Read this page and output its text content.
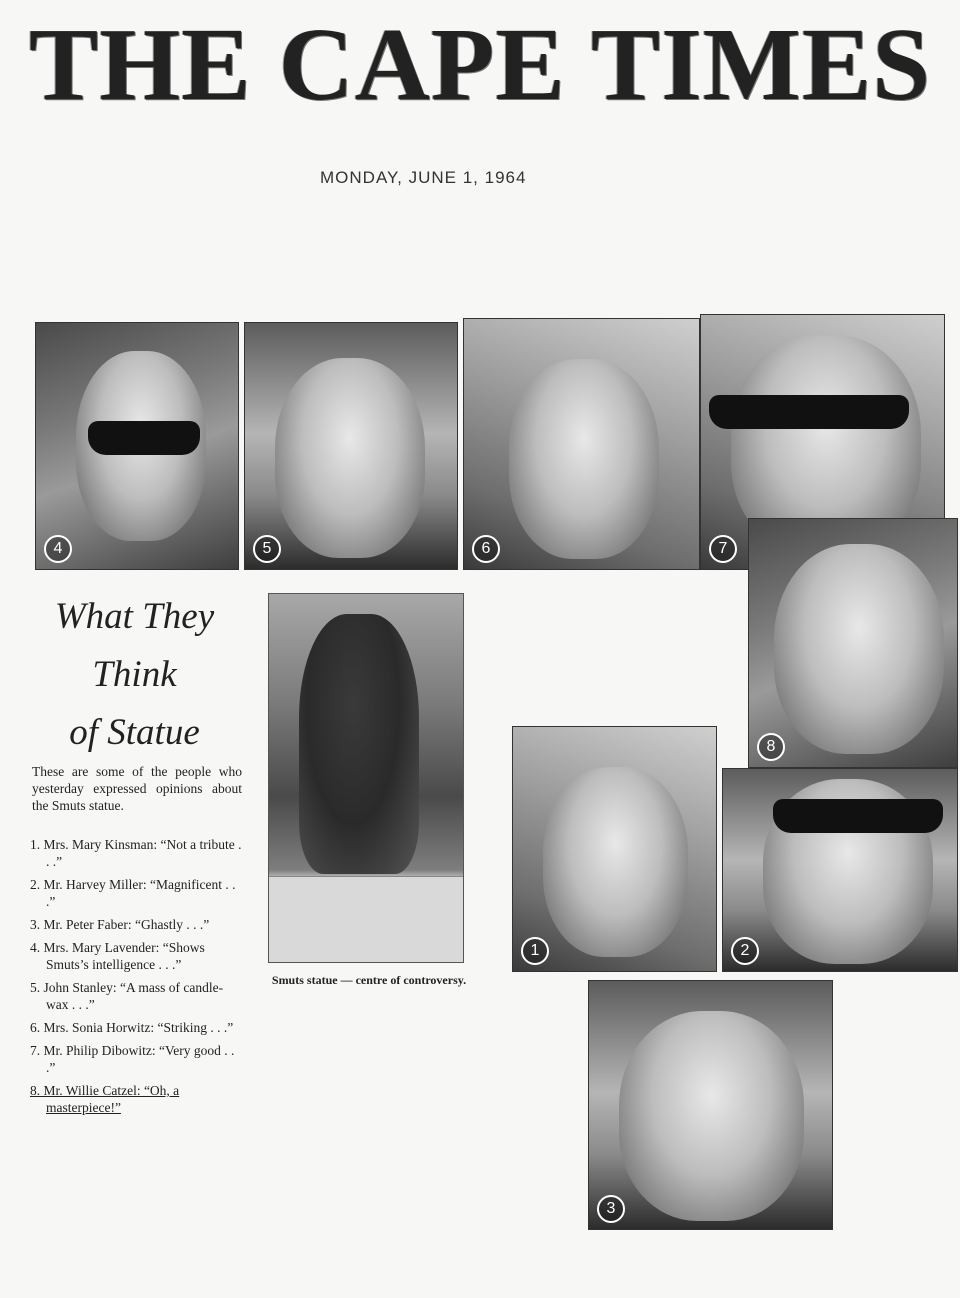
THE CAPE TIMES
MONDAY, JUNE 1, 1964
4	5	6	7
What They
Think
of Statue
These are some of the people who yesterday expressed opinions about the Smuts statue.
1. Mrs. Mary Kinsman: “Not a tribute . . .”
2. Mr. Harvey Miller: “Magnificent . . .”
3. Mr. Peter Faber: “Ghastly . . .”
4. Mrs. Mary Lavender: “Shows Smuts’s intelligence . . .”
5. John Stanley: “A mass of candle-wax . . .”
6. Mrs. Sonia Horwitz: “Striking . . .”
7. Mr. Philip Dibowitz: “Very good . . .”
8. Mr. Willie Catzel: “Oh, a masterpiece!”
Smuts statue — centre of controversy.
8
1	2
3
